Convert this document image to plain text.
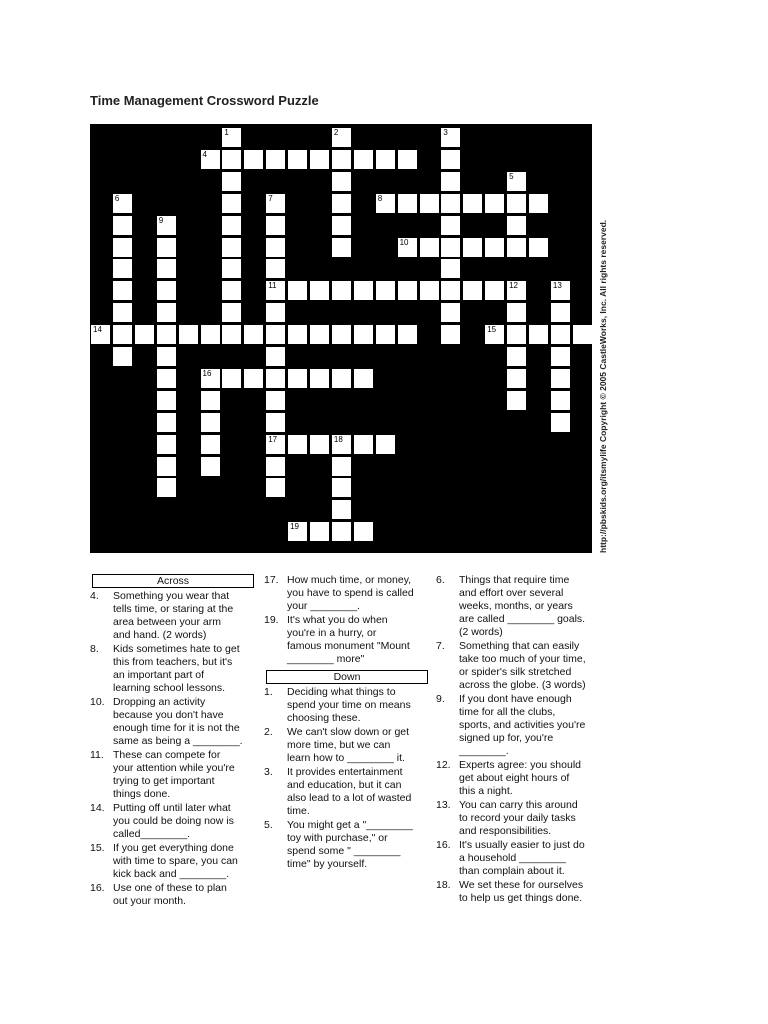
Time Management Crossword Puzzle
4
8
10
11	12
14	15
16
17	18
19
1	2	3
5
6	7
9
13	http://pbskids.org/itsmylife Copyright © 2005 CastleWorks, Inc. All rights reserved.
Across
4.	Something you wear that
tells time, or staring at the
area between your arm
and hand. (2 words)
8.	Kids sometimes hate to get
this from teachers, but it's
an important part of
learning school lessons.
10. Dropping an activity
because you don't have
enough time for it is not the
same as being a ________.
11. These can compete for
your attention while you're
trying to get important
things done.
14. Putting off until later what
you could be doing now is
called________.
15. If you get everything done
with time to spare, you can
kick back and ________.
16. Use one of these to plan
out your month.
17. How much time, or money,
you have to spend is called
your ________.
19. It's what you do when
you're in a hurry, or
famous monument "Mount
________ more"
Down
1.	Deciding what things to
spend your time on means
choosing these.
2.	We can't slow down or get
more time, but we can
learn how to ________ it.
3.	It provides entertainment
and education, but it can
also lead to a lot of wasted
time.
5.	You might get a "________
toy with purchase," or
spend some " ________
time" by yourself.
6.	Things that require time
and effort over several
weeks, months, or years
are called ________ goals.
(2 words)
7.	Something that can easily
take too much of your time,
or spider's silk stretched
across the globe. (3 words)
9.	If you dont have enough
time for all the clubs,
sports, and activities you're
signed up for, you're
________.
12. Experts agree: you should
get about eight hours of
this a night.
13. You can carry this around
to record your daily tasks
and responsibilities.
16. It's usually easier to just do
a household ________
than complain about it.
18. We set these for ourselves
to help us get things done.
